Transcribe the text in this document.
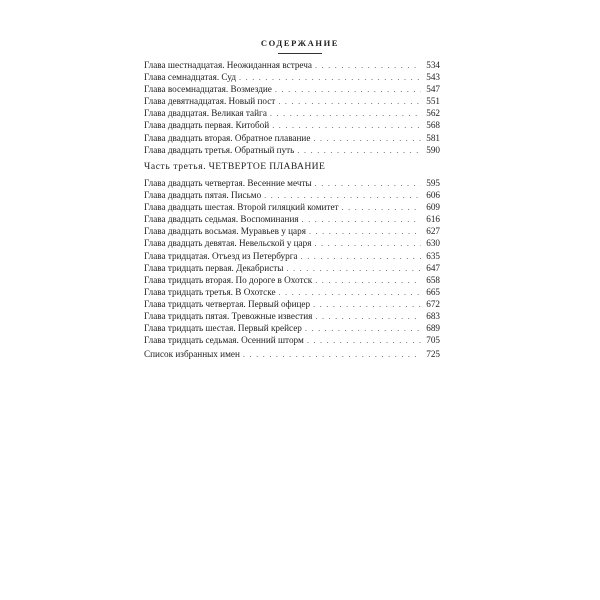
СОДЕРЖАНИЕ
Глава шестнадцатая. Неожиданная встреча . . .	534
Глава семнадцатая. Суд . . .	543
Глава восемнадцатая. Возмездие . . .	547
Глава девятнадцатая. Новый пост . . .	551
Глава двадцатая. Великая тайга . . .	562
Глава двадцать первая. Китобой . . .	568
Глава двадцать вторая. Обратное плавание . . .	581
Глава двадцать третья. Обратный путь . . .	590
Часть третья. ЧЕТВЕРТОЕ ПЛАВАНИЕ
Глава двадцать четвертая. Весенние мечты . . .	595
Глава двадцать пятая. Письмо . . .	606
Глава двадцать шестая. Второй гиляцкий комитет . . .	609
Глава двадцать седьмая. Воспоминания . . .	616
Глава двадцать восьмая. Муравьев у царя . . .	627
Глава двадцать девятая. Невельской у царя . . .	630
Глава тридцатая. Отъезд из Петербурга . . .	635
Глава тридцать первая. Декабристы . . .	647
Глава тридцать вторая. По дороге в Охотск . . .	658
Глава тридцать третья. В Охотске . . .	665
Глава тридцать четвертая. Первый офицер . . .	672
Глава тридцать пятая. Тревожные известия . . .	683
Глава тридцать шестая. Первый крейсер . . .	689
Глава тридцать седьмая. Осенний шторм . . .	705
Список избранных имен . . .	725
